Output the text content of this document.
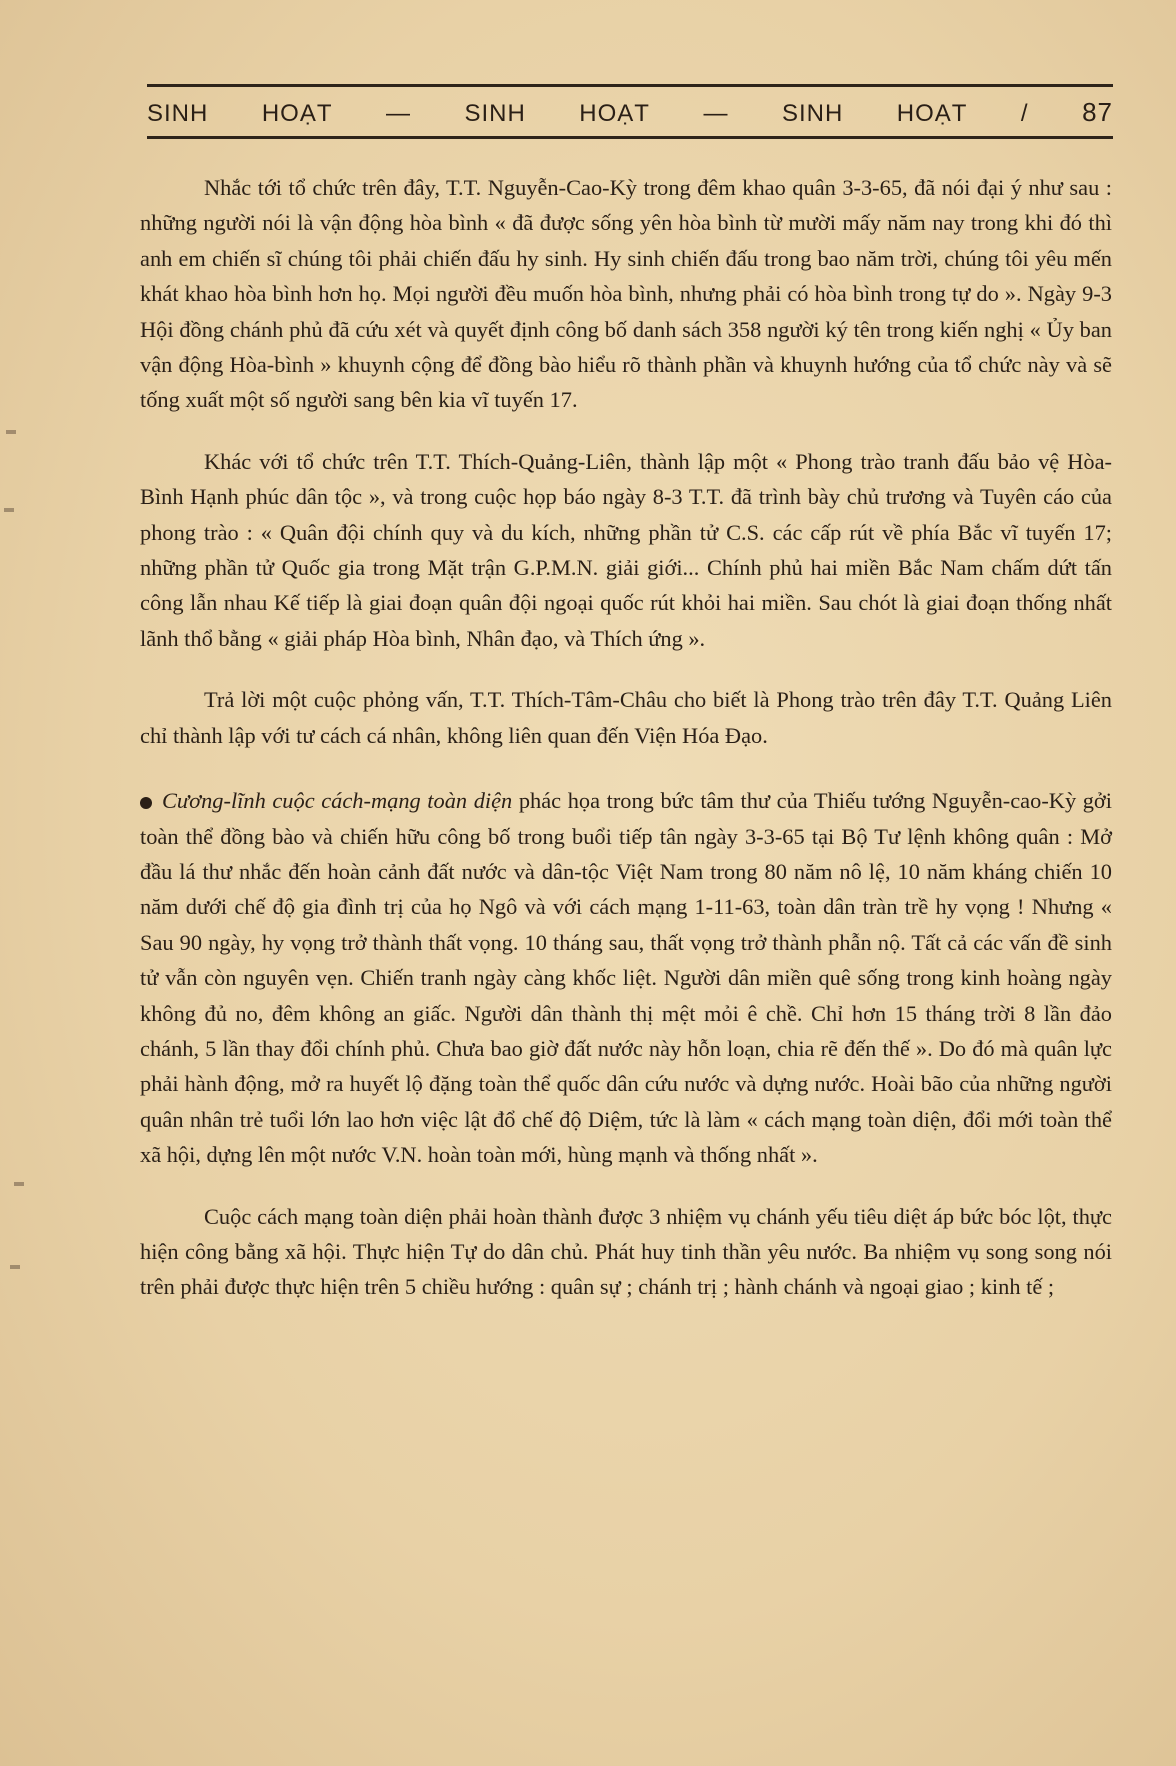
SINH HOẠT — SINH HOẠT — SINH HOẠT / 87

Nhắc tới tổ chức trên đây, T.T. Nguyễn-Cao-Kỳ trong đêm khao quân 3-3-65, đã nói đại ý như sau : những người nói là vận động hòa bình « đã được sống yên hòa bình từ mười mấy năm nay trong khi đó thì anh em chiến sĩ chúng tôi phải chiến đấu hy sinh. Hy sinh chiến đấu trong bao năm trời, chúng tôi yêu mến khát khao hòa bình hơn họ. Mọi người đều muốn hòa bình, nhưng phải có hòa bình trong tự do ». Ngày 9-3 Hội đồng chánh phủ đã cứu xét và quyết định công bố danh sách 358 người ký tên trong kiến nghị « Ủy ban vận động Hòa-bình » khuynh cộng để đồng bào hiểu rõ thành phần và khuynh hướng của tổ chức này và sẽ tống xuất một số người sang bên kia vĩ tuyến 17.

Khác với tổ chức trên T.T. Thích-Quảng-Liên, thành lập một « Phong trào tranh đấu bảo vệ Hòa-Bình Hạnh phúc dân tộc », và trong cuộc họp báo ngày 8-3 T.T. đã trình bày chủ trương và Tuyên cáo của phong trào : « Quân đội chính quy và du kích, những phần tử C.S. các cấp rút về phía Bắc vĩ tuyến 17; những phần tử Quốc gia trong Mặt trận G.P.M.N. giải giới... Chính phủ hai miền Bắc Nam chấm dứt tấn công lẫn nhau Kế tiếp là giai đoạn quân đội ngoại quốc rút khỏi hai miền. Sau chót là giai đoạn thống nhất lãnh thổ bằng « giải pháp Hòa bình, Nhân đạo, và Thích ứng ».

Trả lời một cuộc phỏng vấn, T.T. Thích-Tâm-Châu cho biết là Phong trào trên đây T.T. Quảng Liên chỉ thành lập với tư cách cá nhân, không liên quan đến Viện Hóa Đạo.

Cương-lĩnh cuộc cách-mạng toàn diện phác họa trong bức tâm thư của Thiếu tướng Nguyễn-cao-Kỳ gởi toàn thể đồng bào và chiến hữu công bố trong buổi tiếp tân ngày 3-3-65 tại Bộ Tư lệnh không quân : Mở đầu lá thư nhắc đến hoàn cảnh đất nước và dân-tộc Việt Nam trong 80 năm nô lệ, 10 năm kháng chiến 10 năm dưới chế độ gia đình trị của họ Ngô và với cách mạng 1-11-63, toàn dân tràn trề hy vọng ! Nhưng « Sau 90 ngày, hy vọng trở thành thất vọng. 10 tháng sau, thất vọng trở thành phẫn nộ. Tất cả các vấn đề sinh tử vẫn còn nguyên vẹn. Chiến tranh ngày càng khốc liệt. Người dân miền quê sống trong kinh hoàng ngày không đủ no, đêm không an giấc. Người dân thành thị mệt mỏi ê chề. Chỉ hơn 15 tháng trời 8 lần đảo chánh, 5 lần thay đổi chính phủ. Chưa bao giờ đất nước này hỗn loạn, chia rẽ đến thế ». Do đó mà quân lực phải hành động, mở ra huyết lộ đặng toàn thể quốc dân cứu nước và dựng nước. Hoài bão của những người quân nhân trẻ tuổi lớn lao hơn việc lật đổ chế độ Diệm, tức là làm « cách mạng toàn diện, đổi mới toàn thể xã hội, dựng lên một nước V.N. hoàn toàn mới, hùng mạnh và thống nhất ».

Cuộc cách mạng toàn diện phải hoàn thành được 3 nhiệm vụ chánh yếu tiêu diệt áp bức bóc lột, thực hiện công bằng xã hội. Thực hiện Tự do dân chủ. Phát huy tinh thần yêu nước. Ba nhiệm vụ song song nói trên phải được thực hiện trên 5 chiều hướng : quân sự ; chánh trị ; hành chánh và ngoại giao ; kinh tế ;
